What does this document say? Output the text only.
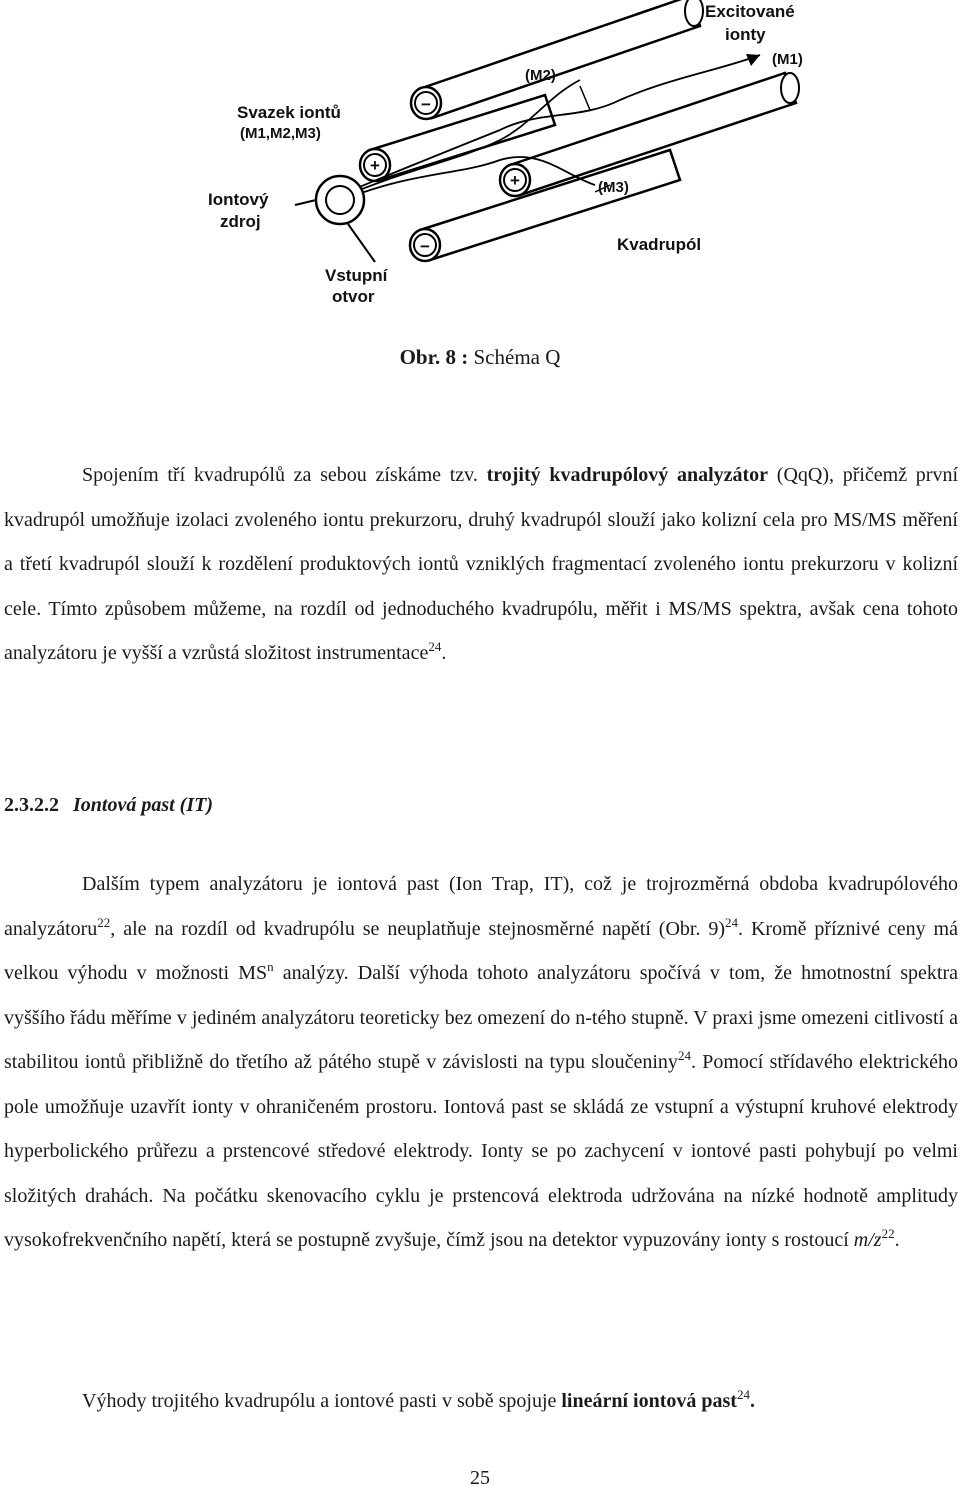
−
+
+
−
Excitované
ionty
(M1)
(M2)
(M3)
Svazek iontů
(M1,M2,M3)
Iontový
zdroj
Vstupní
otvor
Kvadrupól
Obr. 8 : Schéma Q

Spojením tří kvadrupólů za sebou získáme tzv. trojitý kvadrupólový analyzátor (QqQ), přičemž první kvadrupól umožňuje izolaci zvoleného iontu prekurzoru, druhý kvadrupól slouží jako kolizní cela pro MS/MS měření a třetí kvadrupól slouží k rozdělení produktových iontů vzniklých fragmentací zvoleného iontu prekurzoru v kolizní cele. Tímto způsobem můžeme, na rozdíl od jednoduchého kvadrupólu, měřit i MS/MS spektra, avšak cena tohoto analyzátoru je vyšší a vzrůstá složitost instrumentace$^{24}$.

2.3.2.2 Iontová past (IT)

Dalším typem analyzátoru je iontová past (Ion Trap, IT), což je trojrozměrná obdoba kvadrupólového analyzátoru$^{22}$, ale na rozdíl od kvadrupólu se neuplatňuje stejnosměrné napětí (Obr. 9)$^{24}$. Kromě příznivé ceny má velkou výhodu v možnosti $MS^n$ analýzy. Další výhoda tohoto analyzátoru spočívá v tom, že hmotnostní spektra vyššího řádu měříme v jediném analyzátoru teoreticky bez omezení do n-tého stupně. V praxi jsme omezeni citlivostí a stabilitou iontů přibližně do třetího až pátého stupě v závislosti na typu sloučeniny$^{24}$. Pomocí střídavého elektrického pole umožňuje uzavřít ionty v ohraničeném prostoru. Iontová past se skládá ze vstupní a výstupní kruhové elektrody hyperbolického průřezu a prstencové středové elektrody. Ionty se po zachycení v iontové pasti pohybují po velmi složitých drahách. Na počátku skenovacího cyklu je prstencová elektroda udržována na nízké hodnotě amplitudy vysokofrekvenčního napětí, která se postupně zvyšuje, čímž jsou na detektor vypuzovány ionty s rostoucí $m/z^{22}$.

Výhody trojitého kvadrupólu a iontové pasti v sobě spojuje lineární iontová past$^{24}$.

25
